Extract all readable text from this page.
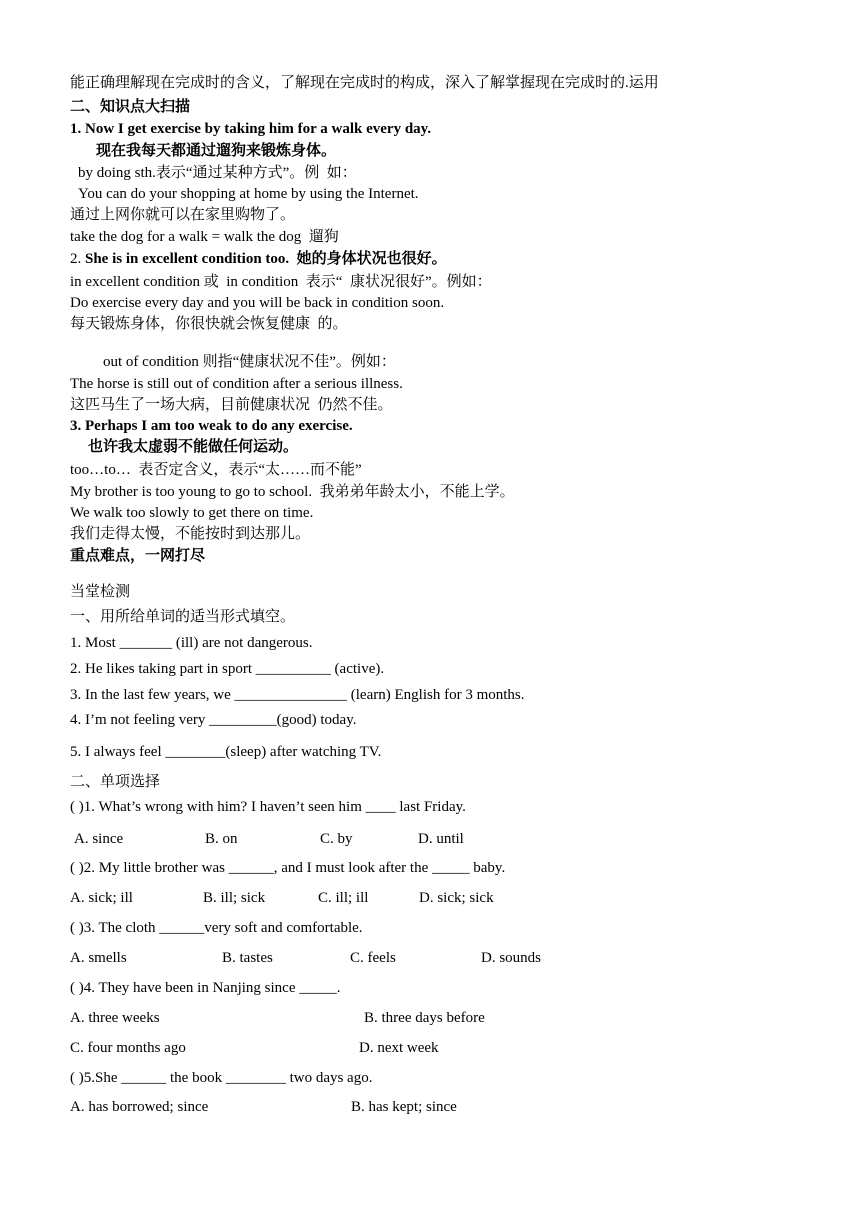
能正确理解现在完成时的含义，了解现在完成时的构成，深入了解掌握现在完成时的.运用
二、知识点大扫描
1. Now I get exercise by taking him for a walk every day.
现在我每天都通过遛狗来锻炼身体。
by doing sth.表示“通过某种方式”。例  如：
You can do your shopping at home by using the Internet.
通过上网你就可以在家里购物了。
take the dog for a walk = walk the dog  遛狗
2. She is in excellent condition too.  她的身体状况也很好。
in excellent condition 或  in condition  表示“  康状况很好”。例如：
Do exercise every day and you will be back in condition soon.
每天锻炼身体，你很快就会恢复健康  的。
out of condition 则指“健康状况不佳”。例如：
The horse is still out of condition after a serious illness.
这匹马生了一场大病，目前健康状况  仍然不佳。
3. Perhaps I am too weak to do any exercise.
也许我太虚弱不能做任何运动。
too…to…  表否定含义，表示“太……而不能”
My brother is too young to go to school.  我弟弟年龄太小，不能上学。
We walk too slowly to get there on time.
我们走得太慢，不能按时到达那儿。
重点难点，一网打尽
当堂检测
一、用所给单词的适当形式填空。
1. Most _______ (ill) are not dangerous.
2. He likes taking part in sport __________ (active).
3. In the last few years, we _______________ (learn) English for 3 months.
4. I’m not feeling very _________(good) today.
5. I always feel ________(sleep) after watching TV.
二、单项选择
( )1. What’s wrong with him? I haven’t seen him ____ last Friday.
A. since	B. on	C. by	D. until
( )2. My little brother was ______, and I must look after the _____ baby.
A. sick; ill	B. ill; sick	C. ill; ill	D. sick; sick
( )3. The cloth ______very soft and comfortable.
A. smells	B. tastes	C. feels	D. sounds
( )4. They have been in Nanjing since _____.
A. three weeks	B. three days before
C. four months ago	D. next week
( )5.She ______ the book ________ two days ago.
A. has borrowed; since	B. has kept; since
